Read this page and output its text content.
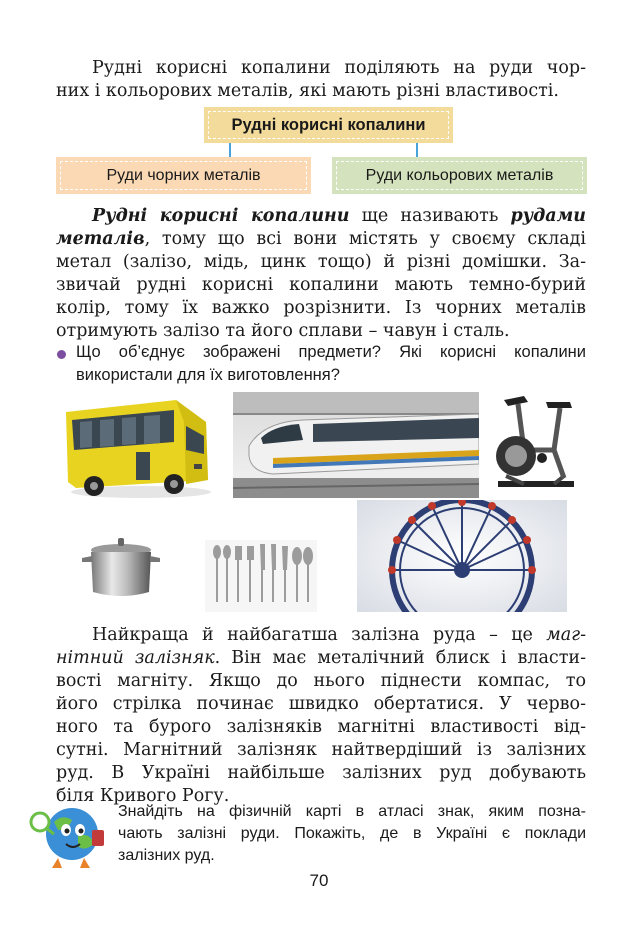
Рудні корисні копалини поділяють на руди чор-
них і кольорових металів, які мають різні властивості.
Рудні корисні копалини
Руди чорних металів	Руди кольорових металів
Рудні корисні копалини ще називають рудами
металів, тому що всі вони містять у своєму складі
метал (залізо, мідь, цинк тощо) й різні домішки. За-
звичай рудні корисні копалини мають темно-бурий
колір, тому їх важко розрізнити. Із чорних металів
отримують залізо та його сплави – чавун і сталь.
Що об’єднує зображені предмети? Які корисні копалини
використали для їх виготовлення?
Найкраща й найбагатша залізна руда – це маг-
нітний залізняк. Він має металічний блиск і власти-
вості магніту. Якщо до нього піднести компас, то
його стрілка починає швидко обертатися. У черво-
ного та бурого залізняків магнітні властивості від-
сутні. Магнітний залізняк найтвердіший із залізних
руд. В Україні найбільше залізних руд добувають
біля Кривого Рогу.
Знайдіть на фізичній карті в атласі знак, яким позна-
чають залізні руди. Покажіть, де в Україні є поклади
залізних руд.
70
